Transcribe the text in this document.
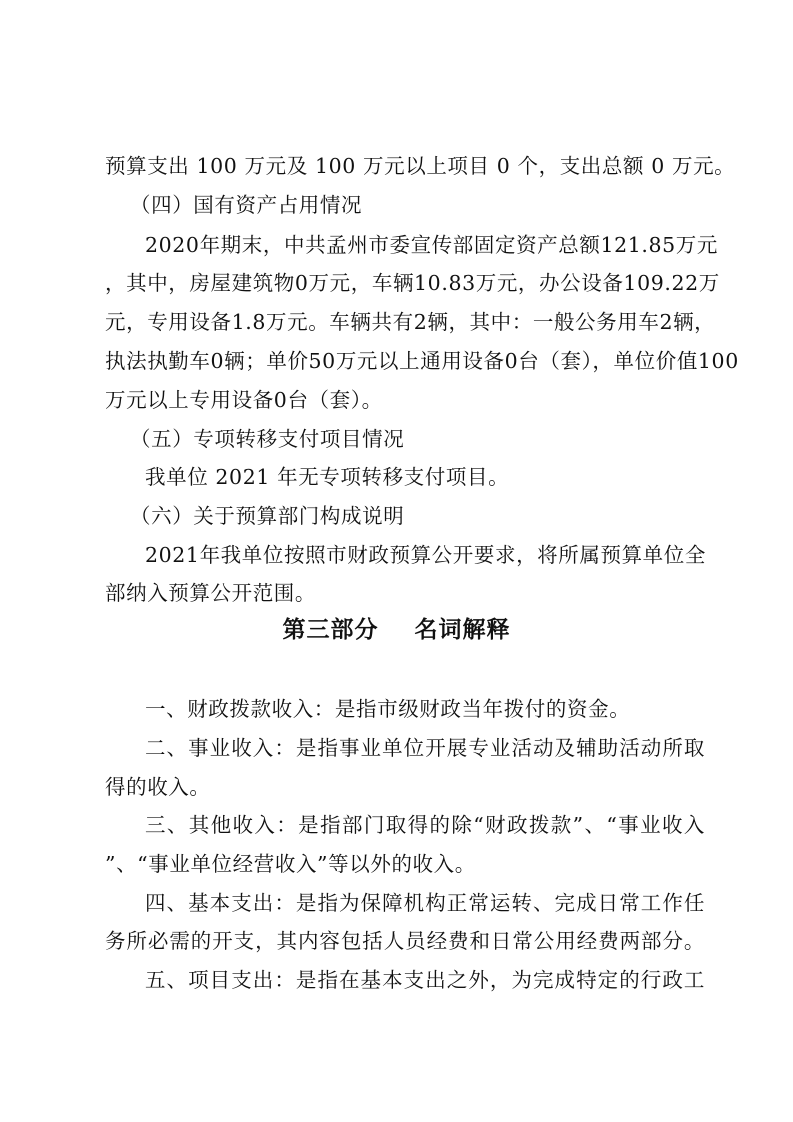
预算支出 100 万元及 100 万元以上项目 0 个，支出总额 0 万元。
（四）国有资产占用情况
2020年期末，中共孟州市委宣传部固定资产总额121.85万元
，其中，房屋建筑物0万元，车辆10.83万元，办公设备109.22万
元，专用设备1.8万元。车辆共有2辆，其中：一般公务用车2辆，
执法执勤车0辆；单价50万元以上通用设备0台（套），单位价值100
万元以上专用设备0台（套）。
（五）专项转移支付项目情况
我单位 2021 年无专项转移支付项目。
（六）关于预算部门构成说明
2021年我单位按照市财政预算公开要求，将所属预算单位全
部纳入预算公开范围。
第三部分    名词解释
一、财政拨款收入：是指市级财政当年拨付的资金。
二、事业收入：是指事业单位开展专业活动及辅助活动所取
得的收入。
三、其他收入：是指部门取得的除“财政拨款”、“事业收入
”、“事业单位经营收入”等以外的收入。
四、基本支出：是指为保障机构正常运转、完成日常工作任
务所必需的开支，其内容包括人员经费和日常公用经费两部分。
五、项目支出：是指在基本支出之外，为完成特定的行政工
